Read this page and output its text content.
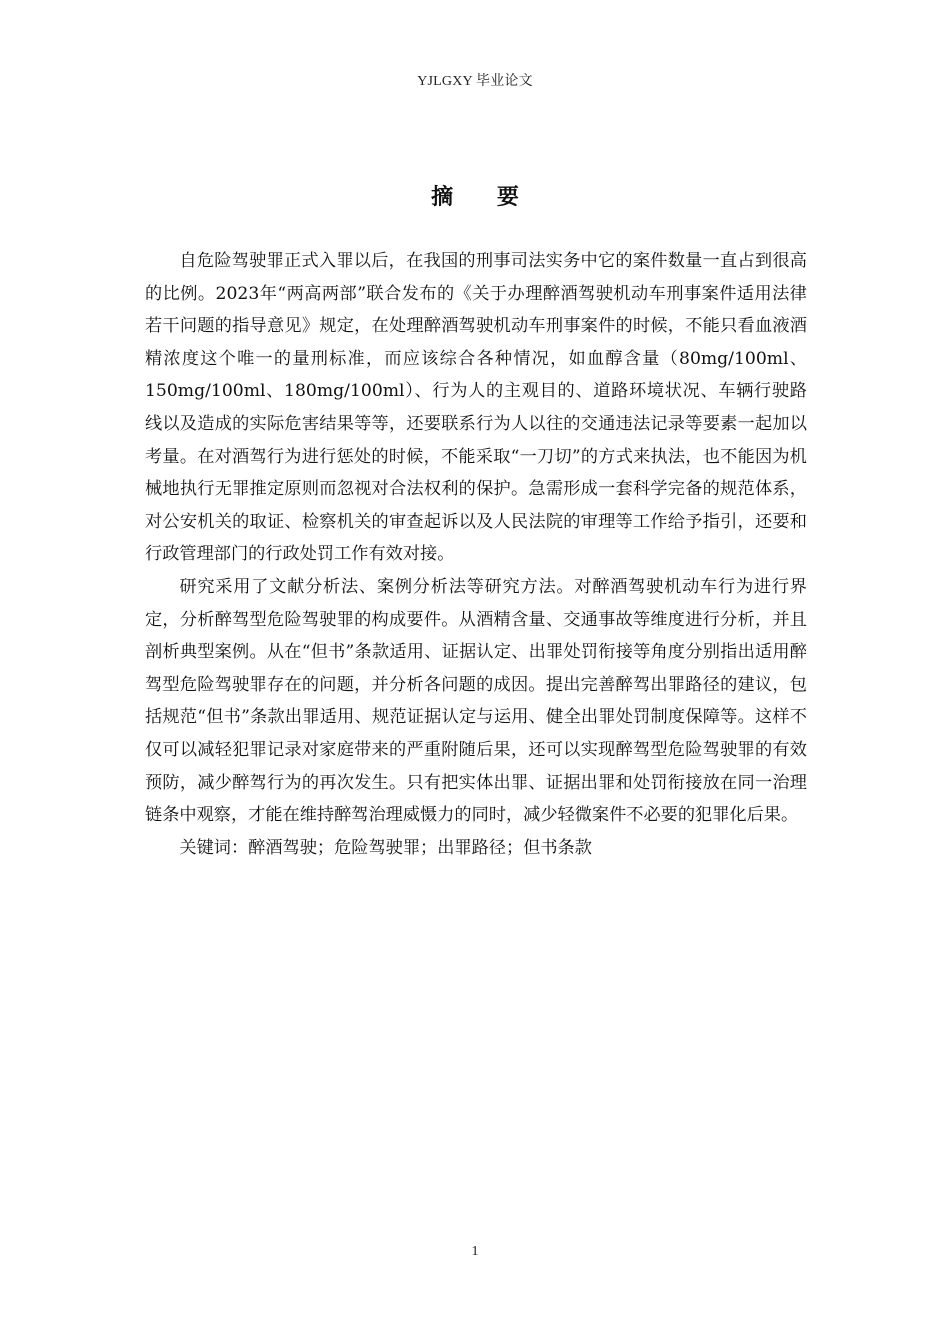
YJLGXY 毕业论文
摘 要

自危险驾驶罪正式入罪以后，在我国的刑事司法实务中它的案件数量一直占到很高的比例。2023年“两高两部”联合发布的《关于办理醉酒驾驶机动车刑事案件适用法律若干问题的指导意见》规定，在处理醉酒驾驶机动车刑事案件的时候，不能只看血液酒精浓度这个唯一的量刑标准，而应该综合各种情况，如血醇含量（80mg/100ml、150mg/100ml、180mg/100ml）、行为人的主观目的、道路环境状况、车辆行驶路线以及造成的实际危害结果等等，还要联系行为人以往的交通违法记录等要素一起加以考量。在对酒驾行为进行惩处的时候，不能采取“一刀切”的方式来执法，也不能因为机械地执行无罪推定原则而忽视对合法权利的保护。急需形成一套科学完备的规范体系，对公安机关的取证、检察机关的审查起诉以及人民法院的审理等工作给予指引，还要和行政管理部门的行政处罚工作有效对接。

研究采用了文献分析法、案例分析法等研究方法。对醉酒驾驶机动车行为进行界定，分析醉驾型危险驾驶罪的构成要件。从酒精含量、交通事故等维度进行分析，并且剖析典型案例。从在“但书”条款适用、证据认定、出罪处罚衔接等角度分别指出适用醉驾型危险驾驶罪存在的问题，并分析各问题的成因。提出完善醉驾出罪路径的建议，包括规范“但书”条款出罪适用、规范证据认定与运用、健全出罪处罚制度保障等。这样不仅可以减轻犯罪记录对家庭带来的严重附随后果，还可以实现醉驾型危险驾驶罪的有效预防，减少醉驾行为的再次发生。只有把实体出罪、证据出罪和处罚衔接放在同一治理链条中观察，才能在维持醉驾治理威慑力的同时，减少轻微案件不必要的犯罪化后果。

关键词：醉酒驾驶；危险驾驶罪；出罪路径；但书条款

1
